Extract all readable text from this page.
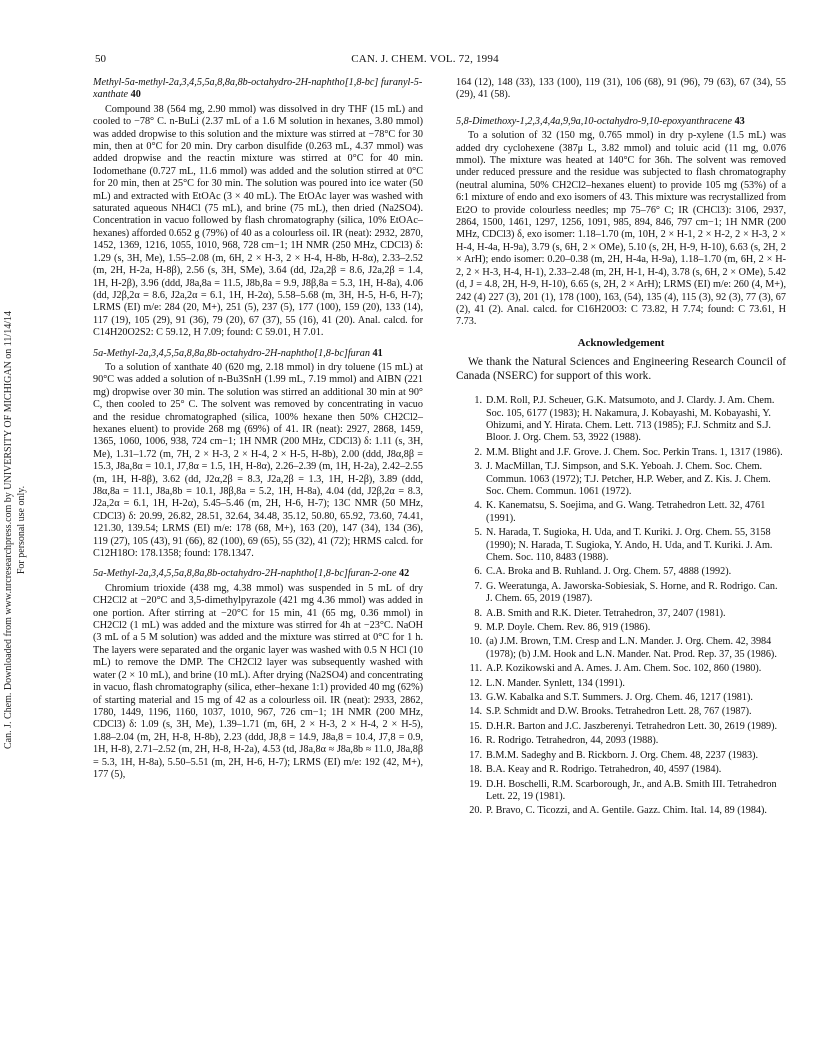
Can. J. Chem. Downloaded from www.nrcresearchpress.com by UNIVERSITY OF MICHIGAN on 11/14/14 For personal use only.
50	CAN. J. CHEM. VOL. 72, 1994
Methyl-5a-methyl-2a,3,4,5,5a,8,8a,8b-octahydro-2H-naphtho[1,8-bc] furanyl-5-xanthate 40

Compound 38 (564 mg, 2.90 mmol) was dissolved in dry THF (15 mL) and cooled to −78° C. n-BuLi (2.37 mL of a 1.6 M solution in hexanes, 3.80 mmol) was added dropwise to this solution and the mixture was stirred at −78°C for 30 min, then at 0°C for 20 min. Dry carbon disulfide (0.263 mL, 4.37 mmol) was added dropwise and the reactin mixture was stirred at 0°C for 40 min. Iodomethane (0.727 mL, 11.6 mmol) was added and the solution stirred at 0°C for 20 min, then at 25°C for 30 min. The solution was poured into ice water (50 mL) and extracted with EtOAc (3 × 40 mL). The EtOAc layer was washed with saturated aqueous NH4Cl (75 mL), and brine (75 mL), then dried (Na2SO4). Concentration in vacuo followed by flash chromatography (silica, 10% EtOAc–hexanes) afforded 0.652 g (79%) of 40 as a colourless oil. IR (neat): 2932, 2870, 1452, 1369, 1216, 1055, 1010, 968, 728 cm−1; 1H NMR (250 MHz, CDCl3) δ: 1.29 (s, 3H, Me), 1.55–2.08 (m, 6H, 2 × H-3, 2 × H-4, H-8b, H-8α), 2.33–2.52 (m, 2H, H-2a, H-8β), 2.56 (s, 3H, SMe), 3.64 (dd, J2a,2β = 8.6, J2a,2β = 1.4, 1H, H-2β), 3.96 (ddd, J8a,8a = 11.5, J8b,8a = 9.9, J8β,8a = 5.3, 1H, H-8a), 4.06 (dd, J2β,2α = 8.6, J2a,2α = 6.1, 1H, H-2α), 5.58–5.68 (m, 3H, H-5, H-6, H-7); LRMS (EI) m/e: 284 (20, M+), 251 (5), 237 (5), 177 (100), 159 (20), 133 (14), 117 (19), 105 (29), 91 (36), 79 (20), 67 (37), 55 (16), 41 (20). Anal. calcd. for C14H20O2S2: C 59.12, H 7.09; found: C 59.01, H 7.01.

5a-Methyl-2a,3,4,5,5a,8,8a,8b-octahydro-2H-naphtho[1,8-bc]furan 41

To a solution of xanthate 40 (620 mg, 2.18 mmol) in dry toluene (15 mL) at 90°C was added a solution of n-Bu3SnH (1.99 mL, 7.19 mmol) and AIBN (221 mg) dropwise over 30 min. The solution was stirred an additional 30 min at 90° C, then cooled to 25° C. The solvent was removed by concentrating in vacuo and the residue chromatographed (silica, 100% hexane then 50% CH2Cl2–hexanes eluent) to provide 268 mg (69%) of 41. IR (neat): 2927, 2868, 1459, 1365, 1060, 1006, 938, 724 cm−1; 1H NMR (200 MHz, CDCl3) δ: 1.11 (s, 3H, Me), 1.31–1.72 (m, 7H, 2 × H-3, 2 × H-4, 2 × H-5, H-8b), 2.00 (ddd, J8α,8β = 15.3, J8a,8α = 10.1, J7,8α = 1.5, 1H, H-8α), 2.26–2.39 (m, 1H, H-2a), 2.42–2.55 (m, 1H, H-8β), 3.62 (dd, J2α,2β = 8.3, J2a,2β = 1.3, 1H, H-2β), 3.89 (ddd, J8α,8a = 11.1, J8a,8b = 10.1, J8β,8a = 5.2, 1H, H-8a), 4.04 (dd, J2β,2α = 8.3, J2a,2α = 6.1, 1H, H-2α), 5.45–5.46 (m, 2H, H-6, H-7); 13C NMR (50 MHz, CDCl3) δ: 20.99, 26.82, 28.51, 32.64, 34.48, 35.12, 50.80, 65.92, 73.60, 74.41, 121.30, 139.54; LRMS (EI) m/e: 178 (68, M+), 163 (20), 147 (34), 134 (36), 119 (27), 105 (43), 91 (66), 82 (100), 69 (65), 55 (32), 41 (72); HRMS calcd. for C12H18O: 178.1358; found: 178.1347.

5a-Methyl-2a,3,4,5,5a,8,8a,8b-octahydro-2H-naphtho[1,8-bc]furan-2-one 42

Chromium trioxide (438 mg, 4.38 mmol) was suspended in 5 mL of dry CH2Cl2 at −20°C and 3,5-dimethylpyrazole (421 mg 4.36 mmol) was added in one portion. After stirring at −20°C for 15 min, 41 (65 mg, 0.36 mmol) in CH2Cl2 (1 mL) was added and the mixture was stirred for 4h at −23°C. NaOH (3 mL of a 5 M solution) was added and the mixture was stirred at 0°C for 1 h. The layers were separated and the organic layer was washed with 0.5 N HCl (10 mL) to remove the DMP. The CH2Cl2 layer was subsequently washed with water (2 × 10 mL), and brine (10 mL). After drying (Na2SO4) and concentrating in vacuo, flash chromatography (silica, ether–hexane 1:1) provided 40 mg (62%) of starting material and 15 mg of 42 as a colourless oil. IR (neat): 2933, 2862, 1780, 1449, 1196, 1160, 1037, 1010, 967, 726 cm−1; 1H NMR (200 MHz, CDCl3) δ: 1.09 (s, 3H, Me), 1.39–1.71 (m, 6H, 2 × H-3, 2 × H-4, 2 × H-5), 1.88–2.04 (m, 2H, H-8, H-8b), 2.23 (ddd, J8,8 = 14.9, J8a,8 = 10.4, J7,8 = 0.9, 1H, H-8), 2.71–2.52 (m, 2H, H-8, H-2a), 4.53 (td, J8a,8α ≈ J8a,8b ≈ 11.0, J8a,8β = 5.3, 1H, H-8a), 5.50–5.51 (m, 2H, H-6, H-7); LRMS (EI) m/e: 192 (42, M+), 177 (5),

164 (12), 148 (33), 133 (100), 119 (31), 106 (68), 91 (96), 79 (63), 67 (34), 55 (29), 41 (58).

5,8-Dimethoxy-1,2,3,4,4a,9,9a,10-octahydro-9,10-epoxyanthracene 43

To a solution of 32 (150 mg, 0.765 mmol) in dry p-xylene (1.5 mL) was added dry cyclohexene (387μ L, 3.82 mmol) and toluic acid (11 mg, 0.076 mmol). The mixture was heated at 140°C for 36h. The solvent was removed under reduced pressure and the residue was subjected to flash chromatography (neutral alumina, 50% CH2Cl2–hexanes eluent) to provide 105 mg (53%) of a 6:1 mixture of endo and exo isomers of 43. This mixture was recrystallized from Et2O to provide colourless needles; mp 75–76° C; IR (CHCl3): 3106, 2937, 2864, 1500, 1461, 1297, 1256, 1091, 985, 894, 846, 797 cm−1; 1H NMR (200 MHz, CDCl3) δ, exo isomer: 1.18–1.70 (m, 10H, 2 × H-1, 2 × H-2, 2 × H-3, 2 × H-4, H-4a, H-9a), 3.79 (s, 6H, 2 × OMe), 5.10 (s, 2H, H-9, H-10), 6.63 (s, 2H, 2 × ArH); endo isomer: 0.20–0.38 (m, 2H, H-4a, H-9a), 1.18–1.70 (m, 6H, 2 × H-2, 2 × H-3, H-4, H-1), 2.33–2.48 (m, 2H, H-1, H-4), 3.78 (s, 6H, 2 × OMe), 5.42 (d, J = 4.8, 2H, H-9, H-10), 6.65 (s, 2H, 2 × ArH); LRMS (EI) m/e: 260 (4, M+), 242 (4) 227 (3), 201 (1), 178 (100), 163, (54), 135 (4), 115 (3), 92 (3), 77 (3), 67 (2), 41 (2). Anal. calcd. for C16H20O3: C 73.82, H 7.74; found: C 73.61, H 7.73.

Acknowledgement

We thank the Natural Sciences and Engineering Research Council of Canada (NSERC) for support of this work.

1. D.M. Roll, P.J. Scheuer, G.K. Matsumoto, and J. Clardy. J. Am. Chem. Soc. 105, 6177 (1983); H. Nakamura, J. Kobayashi, M. Kobayashi, Y. Ohizumi, and Y. Hirata. Chem. Lett. 713 (1985); F.J. Schmitz and S.J. Bloor. J. Org. Chem. 53, 3922 (1988).
2. M.M. Blight and J.F. Grove. J. Chem. Soc. Perkin Trans. 1, 1317 (1986).
3. J. MacMillan, T.J. Simpson, and S.K. Yeboah. J. Chem. Soc. Chem. Commun. 1063 (1972); T.J. Petcher, H.P. Weber, and Z. Kis. J. Chem. Soc. Chem. Commun. 1061 (1972).
4. K. Kanematsu, S. Soejima, and G. Wang. Tetrahedron Lett. 32, 4761 (1991).
5. N. Harada, T. Sugioka, H. Uda, and T. Kuriki. J. Org. Chem. 55, 3158 (1990); N. Harada, T. Sugioka, Y. Ando, H. Uda, and T. Kuriki. J. Am. Chem. Soc. 110, 8483 (1988).
6. C.A. Broka and B. Ruhland. J. Org. Chem. 57, 4888 (1992).
7. G. Weeratunga, A. Jaworska-Sobiesiak, S. Horne, and R. Rodrigo. Can. J. Chem. 65, 2019 (1987).
8. A.B. Smith and R.K. Dieter. Tetrahedron, 37, 2407 (1981).
9. M.P. Doyle. Chem. Rev. 86, 919 (1986).
10. (a) J.M. Brown, T.M. Cresp and L.N. Mander. J. Org. Chem. 42, 3984 (1978); (b) J.M. Hook and L.N. Mander. Nat. Prod. Rep. 37, 35 (1986).
11. A.P. Kozikowski and A. Ames. J. Am. Chem. Soc. 102, 860 (1980).
12. L.N. Mander. Synlett, 134 (1991).
13. G.W. Kabalka and S.T. Summers. J. Org. Chem. 46, 1217 (1981).
14. S.P. Schmidt and D.W. Brooks. Tetrahedron Lett. 28, 767 (1987).
15. D.H.R. Barton and J.C. Jaszberenyi. Tetrahedron Lett. 30, 2619 (1989).
16. R. Rodrigo. Tetrahedron, 44, 2093 (1988).
17. B.M.M. Sadeghy and B. Rickborn. J. Org. Chem. 48, 2237 (1983).
18. B.A. Keay and R. Rodrigo. Tetrahedron, 40, 4597 (1984).
19. D.H. Boschelli, R.M. Scarborough, Jr., and A.B. Smith III. Tetrahedron Lett. 22, 19 (1981).
20. P. Bravo, C. Ticozzi, and A. Gentile. Gazz. Chim. Ital. 14, 89 (1984).
